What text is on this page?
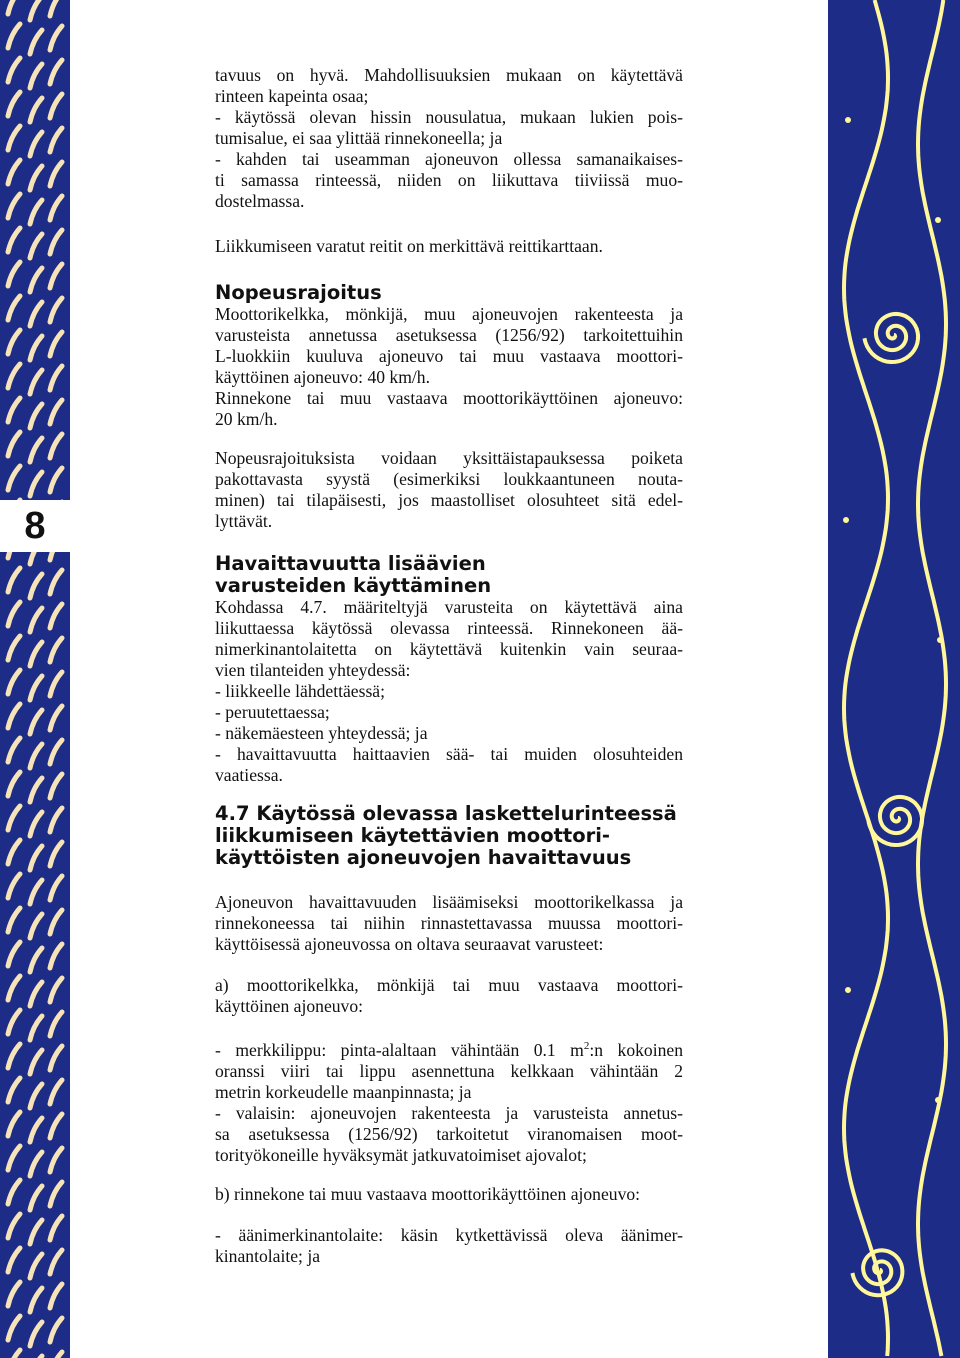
8
tavuus on hyvä. Mahdollisuuksien mukaan on käytettävä
rinteen kapeinta osaa;
- käytössä olevan hissin nousulatua, mukaan lukien pois-
tumisalue, ei saa ylittää rinnekoneella; ja
- kahden tai useamman ajoneuvon ollessa samanaikaises-
ti samassa rinteessä, niiden on liikuttava tiiviissä muo-
dostelmassa.
Liikkumiseen varatut reitit on merkittävä reittikarttaan.
Nopeusrajoitus
Moottorikelkka, mönkijä, muu ajoneuvojen rakenteesta ja
varusteista annetussa asetuksessa (1256/92) tarkoitettuihin
L-luokkiin kuuluva ajoneuvo tai muu vastaava moottori-
käyttöinen ajoneuvo: 40 km/h.
Rinnekone tai muu vastaava moottorikäyttöinen ajoneuvo:
20 km/h.
Nopeusrajoituksista voidaan yksittäistapauksessa poiketa
pakottavasta syystä (esimerkiksi loukkaantuneen nouta-
minen) tai tilapäisesti, jos maastolliset olosuhteet sitä edel-
lyttävät.
Havaittavuutta lisäävien
varusteiden käyttäminen
Kohdassa 4.7. määriteltyjä varusteita on käytettävä aina
liikuttaessa käytössä olevassa rinteessä. Rinnekoneen ää-
nimerkinantolaitetta on käytettävä kuitenkin vain seuraa-
vien tilanteiden yhteydessä:
- liikkeelle lähdettäessä;
- peruutettaessa;
- näkemäesteen yhteydessä; ja
- havaittavuutta haittaavien sää- tai muiden olosuhteiden
vaatiessa.
4.7 Käytössä olevassa laskettelurinteessä
liikkumiseen käytettävien moottori-
käyttöisten ajoneuvojen havaittavuus
Ajoneuvon havaittavuuden lisäämiseksi moottorikelkassa ja
rinnekoneessa tai niihin rinnastettavassa muussa moottori-
käyttöisessä ajoneuvossa on oltava seuraavat varusteet:
a) moottorikelkka, mönkijä tai muu vastaava moottori-
käyttöinen ajoneuvo:
- merkkilippu: pinta-alaltaan vähintään 0.1 $m^2:n$ kokoinen
oranssi viiri tai lippu asennettuna kelkkaan vähintään 2
metrin korkeudelle maanpinnasta; ja
- valaisin: ajoneuvojen rakenteesta ja varusteista annetus-
sa asetuksessa (1256/92) tarkoitetut viranomaisen moot-
torityökoneille hyväksymät jatkuvatoimiset ajovalot;
b) rinnekone tai muu vastaava moottorikäyttöinen ajoneuvo:
- äänimerkinantolaite: käsin kytkettävissä oleva äänimer-
kinantolaite; ja
